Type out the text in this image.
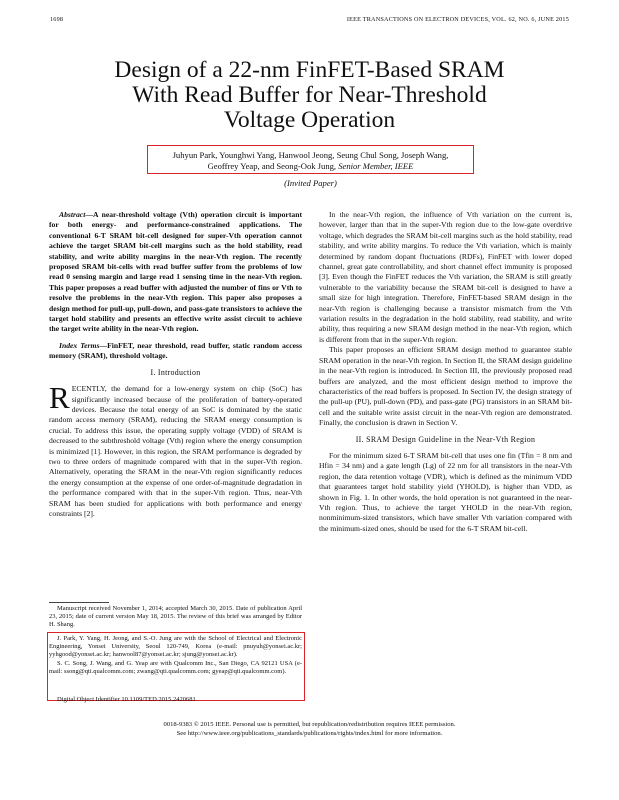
1698	IEEE TRANSACTIONS ON ELECTRON DEVICES, VOL. 62, NO. 6, JUNE 2015
Design of a 22-nm FinFET-Based SRAM
With Read Buffer for Near-Threshold
Voltage Operation
Juhyun Park, Younghwi Yang, Hanwool Jeong, Seung Chul Song, Joseph Wang,
Geoffrey Yeap, and Seong-Ook Jung, Senior Member, IEEE
(Invited Paper)

Abstract—A near-threshold voltage (Vth) operation circuit is important for both energy- and performance-constrained applications. The conventional 6-T SRAM bit-cell designed for super-Vth operation cannot achieve the target SRAM bit-cell margins such as the hold stability, read stability, and write ability margins in the near-Vth region. The recently proposed SRAM bit-cells with read buffer suffer from the problems of low read 0 sensing margin and large read 1 sensing time in the near-Vth region. This paper proposes a read buffer with adjusted the number of fins or Vth to resolve the problems in the near-Vth region. This paper also proposes a design method for pull-up, pull-down, and pass-gate transistors to achieve the target hold stability and presents an effective write assist circuit to achieve the target write ability in the near-Vth region.

Index Terms—FinFET, near threshold, read buffer, static random access memory (SRAM), threshold voltage.

I. Introduction

RECENTLY, the demand for a low-energy system on chip (SoC) has significantly increased because of the proliferation of battery-operated devices. Because the total energy of an SoC is dominated by the static random access memory (SRAM), reducing the SRAM energy consumption is crucial. To address this issue, the operating supply voltage (VDD) of SRAM is decreased to the subthreshold voltage (Vth) region where the energy consumption is minimized [1]. However, in this region, the SRAM performance is degraded by two to three orders of magnitude compared with that in the super-Vth region. Alternatively, operating the SRAM in the near-Vth region significantly reduces the energy consumption at the expense of one order-of-magnitude degradation in the performance compared with that in the super-Vth region. Thus, near-Vth SRAM has been studied for applications with both performance and energy constraints [2].

Manuscript received November 1, 2014; accepted March 30, 2015. Date of publication April 23, 2015; date of current version May 18, 2015. The review of this brief was arranged by Editor H. Shang.

J. Park, Y. Yang, H. Jeong, and S.-O. Jung are with the School of Electrical and Electronic Engineering, Yonsei University, Seoul 120-749, Korea (e-mail: pnuyuh@yonsei.ac.kr; yyhgood@yonsei.ac.kr; hanwool87@yonsei.ac.kr; sjung@yonsei.ac.kr).

S. C. Song, J. Wang, and G. Yeap are with Qualcomm Inc., San Diego, CA 92121 USA (e-mail: ssong@qti.qualcomm.com; zwang@qti.qualcomm.com; gyeap@qti.qualcomm.com).

Digital Object Identifier 10.1109/TED.2015.2420681

In the near-Vth region, the influence of Vth variation on the current is, however, larger than that in the super-Vth region due to the low-gate overdrive voltage, which degrades the SRAM bit-cell margins such as the hold stability, read stability, and write ability margins. To reduce the Vth variation, which is mainly determined by random dopant fluctuations (RDFs), FinFET with lower doped channel, great gate controllability, and short channel effect immunity is proposed [3]. Even though the FinFET reduces the Vth variation, the SRAM is still greatly vulnerable to the variability because the SRAM bit-cell is designed to have a small size for high integration. Therefore, FinFET-based SRAM design in the near-Vth region is challenging because a transistor mismatch from the Vth variation results in the degradation in the hold stability, read stability, and write ability, thus requiring a new SRAM design method in the near-Vth region, which is different from that in the super-Vth region.

This paper proposes an efficient SRAM design method to guarantee stable SRAM operation in the near-Vth region. In Section II, the SRAM design guideline in the near-Vth region is introduced. In Section III, the previously proposed read buffers are analyzed, and the most efficient design method to improve the characteristics of the read buffers is proposed. In Section IV, the design strategy of the pull-up (PU), pull-down (PD), and pass-gate (PG) transistors in an SRAM bit-cell and the suitable write assist circuit in the near-Vth region are demonstrated. Finally, the conclusion is drawn in Section V.

II. SRAM Design Guideline in the Near-Vth Region

For the minimum sized 6-T SRAM bit-cell that uses one fin (Tfin = 8 nm and Hfin = 34 nm) and a gate length (Lg) of 22 nm for all transistors in the near-Vth region, the data retention voltage (VDR), which is defined as the minimum VDD that guarantees target hold stability yield (YHOLD), is higher than VDD, as shown in Fig. 1. In other words, the hold operation is not guaranteed in the near-Vth region. Thus, to achieve the target YHOLD in the near-Vth region, nonminimum-sized transistors, which have smaller Vth variation compared with the minimum-sized ones, should be used for the 6-T SRAM bit-cell.

0018-9383 © 2015 IEEE. Personal use is permitted, but republication/redistribution requires IEEE permission.
See http://www.ieee.org/publications_standards/publications/rights/index.html for more information.
